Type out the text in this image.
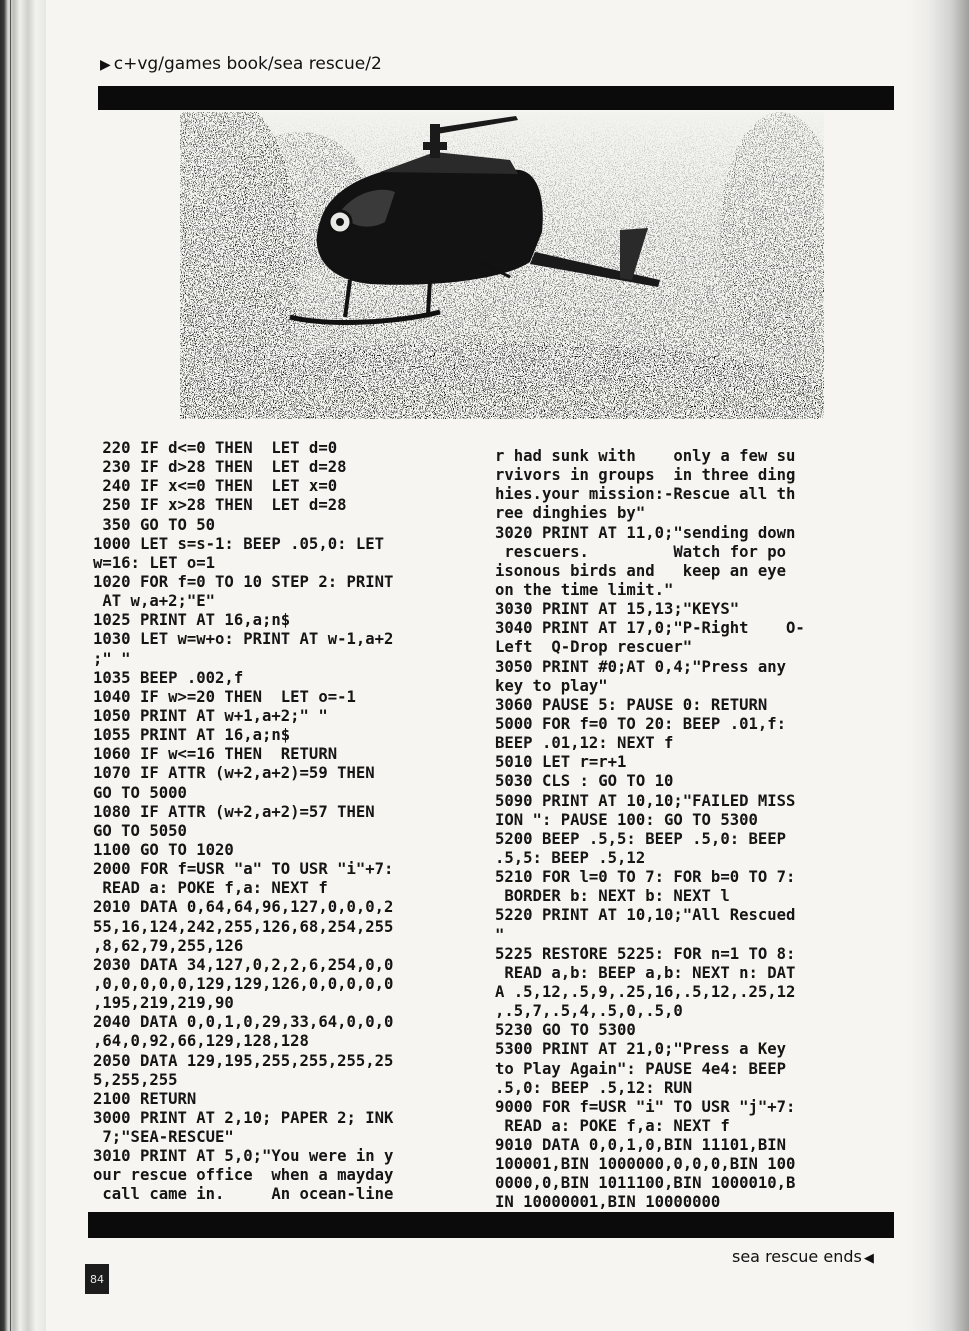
▶ c+vg/games book/sea rescue/2
220 IF d<=0 THEN  LET d=0
230 IF d>28 THEN  LET d=28
240 IF x<=0 THEN  LET x=0
250 IF x>28 THEN  LET d=28
350 GO TO 50
1000 LET s=s-1: BEEP .05,0: LET
w=16: LET o=1
1020 FOR f=0 TO 10 STEP 2: PRINT
AT w,a+2;"E"
1025 PRINT AT 16,a;n$
1030 LET w=w+o: PRINT AT w-1,a+2
;" "
1035 BEEP .002,f
1040 IF w>=20 THEN  LET o=-1
1050 PRINT AT w+1,a+2;" "
1055 PRINT AT 16,a;n$
1060 IF w<=16 THEN  RETURN
1070 IF ATTR (w+2,a+2)=59 THEN
GO TO 5000
1080 IF ATTR (w+2,a+2)=57 THEN
GO TO 5050
1100 GO TO 1020
2000 FOR f=USR "a" TO USR "i"+7:
READ a: POKE f,a: NEXT f
2010 DATA 0,64,64,96,127,0,0,0,2
55,16,124,242,255,126,68,254,255
,8,62,79,255,126
2030 DATA 34,127,0,2,2,6,254,0,0
,0,0,0,0,0,129,129,126,0,0,0,0,0
,195,219,219,90
2040 DATA 0,0,1,0,29,33,64,0,0,0
,64,0,92,66,129,128,128
2050 DATA 129,195,255,255,255,25
5,255,255
2100 RETURN
3000 PRINT AT 2,10; PAPER 2; INK
7;"SEA-RESCUE"
3010 PRINT AT 5,0;"You were in y
our rescue office  when a mayday
call came in.     An ocean-line
r had sunk with    only a few su
rvivors in groups  in three ding
hies.your mission:-Rescue all th
ree dinghies by"
3020 PRINT AT 11,0;"sending down
rescuers.         Watch for po
isonous birds and   keep an eye
on the time limit."
3030 PRINT AT 15,13;"KEYS"
3040 PRINT AT 17,0;"P-Right    O-
Left  Q-Drop rescuer"
3050 PRINT #0;AT 0,4;"Press any
key to play"
3060 PAUSE 5: PAUSE 0: RETURN
5000 FOR f=0 TO 20: BEEP .01,f:
BEEP .01,12: NEXT f
5010 LET r=r+1
5030 CLS : GO TO 10
5090 PRINT AT 10,10;"FAILED MISS
ION ": PAUSE 100: GO TO 5300
5200 BEEP .5,5: BEEP .5,0: BEEP
.5,5: BEEP .5,12
5210 FOR l=0 TO 7: FOR b=0 TO 7:
BORDER b: NEXT b: NEXT l
5220 PRINT AT 10,10;"All Rescued
"
5225 RESTORE 5225: FOR n=1 TO 8:
READ a,b: BEEP a,b: NEXT n: DAT
A .5,12,.5,9,.25,16,.5,12,.25,12
,.5,7,.5,4,.5,0,.5,0
5230 GO TO 5300
5300 PRINT AT 21,0;"Press a Key
to Play Again": PAUSE 4e4: BEEP
.5,0: BEEP .5,12: RUN
9000 FOR f=USR "i" TO USR "j"+7:
READ a: POKE f,a: NEXT f
9010 DATA 0,0,1,0,BIN 11101,BIN
100001,BIN 1000000,0,0,0,BIN 100
0000,0,BIN 1011100,BIN 1000010,B
IN 10000001,BIN 10000000
sea rescue ends ◀
84
